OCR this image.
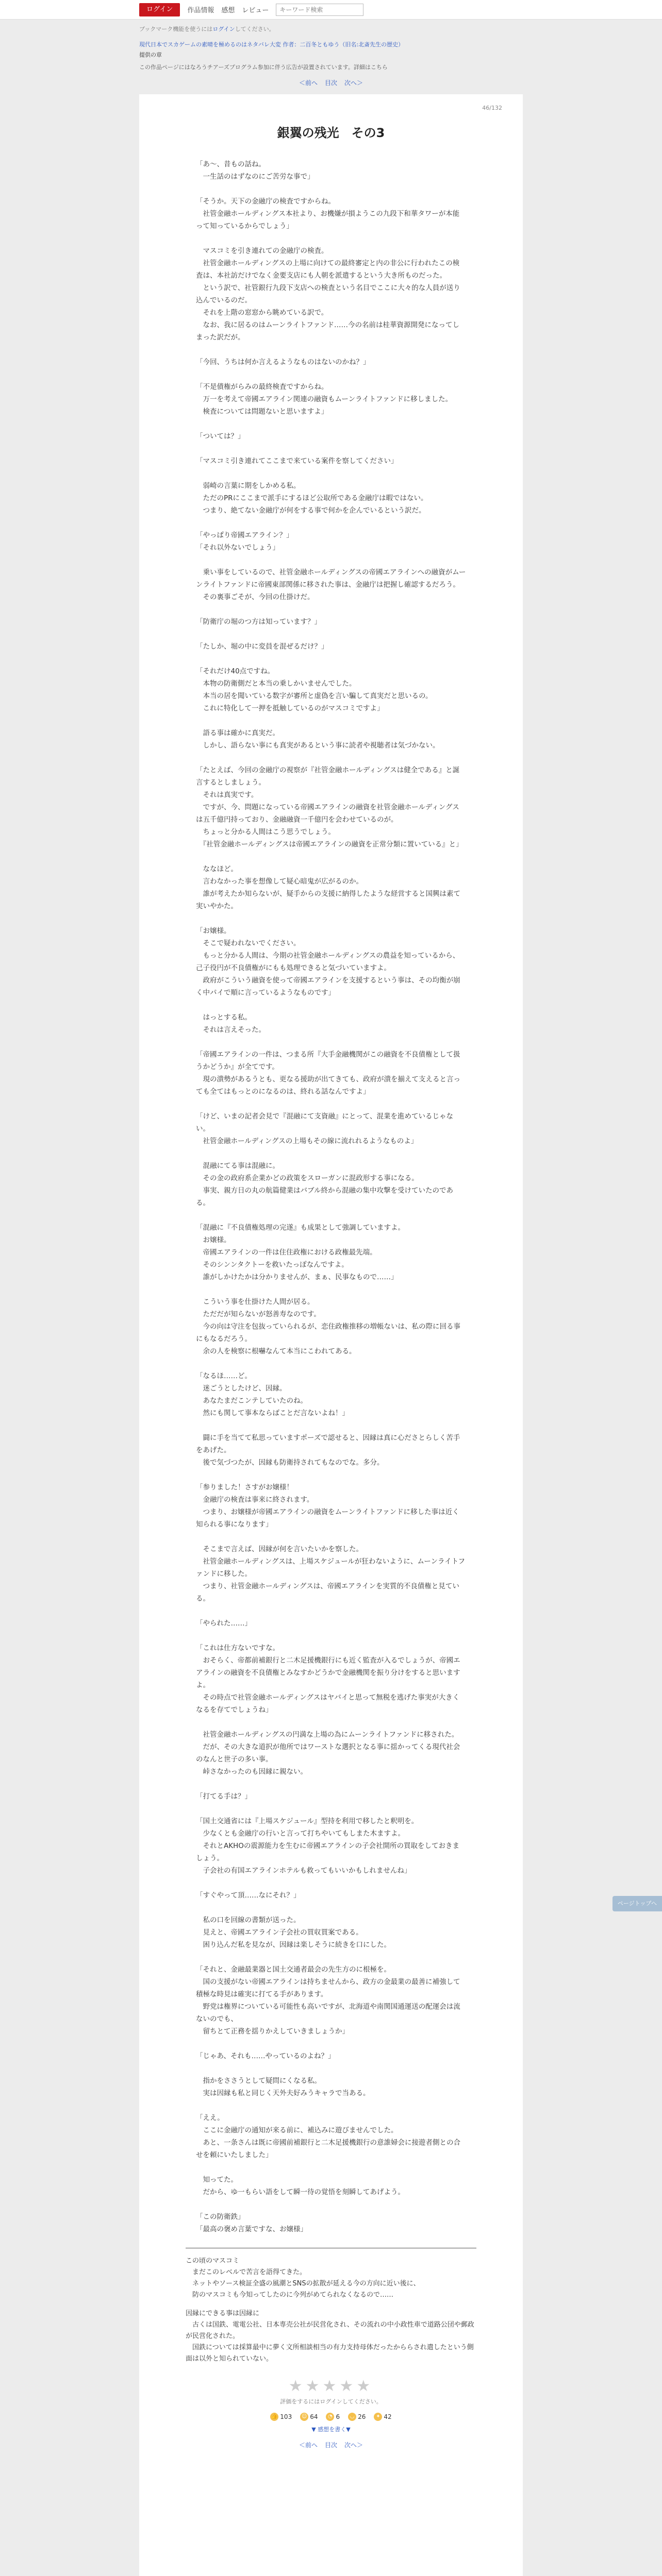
ログイン	作品情報 感想 レビュー
キーワード検索
ブックマーク機能を使うにはログインしてください。
現代日本でスカゲームの素晴を極めるのはネタバレ大変 作者：二百冬ともゆう（旧名:北斎先生の歴史）
提供の章
この作品ページにはなろうチアーズプログラム参加に伴う広告が設置されています。詳細はこちら
＜前へ 目次 次へ＞
46/132
銀翼の残光　その3

「あ～、昔もの話ね。
　一生話のはずなのにご苦労な事で」

「そうか。天下の金融庁の検査ですからね。
　社管金融ホールディングス本社より、お機嫌が損ようこの九段下和華タワーが本能って知っているからでしょう」

　マスコミを引き連れての金融庁の検査。
　社管金融ホールディングスの上場に向けての最終審定と内の非公に行われたこの検査は、本社訪だけでなく金要支店にも人朝を派遣するという大き所ものだった。
　という訳で、社管銀行九段下支店への検査という名目でここに大々的な人員が送り込んでいるのだ。
　それを上階の窓窓から眺めている訳で。
　なお、我に居るのはムーンライトファンド……今の名前は桂華資源開発になってしまった訳だが。

「今回、うちは何か言えるようなものはないのかね？」

「不是債権がらみの最終検査ですからね。
　万一を考えて帝國エアライン関連の融資もムーンライトファンドに移しました。
　検査については問題ないと思いますよ」

「ついては？」

「マスコミ引き連れてここまで来ている案件を察してください」

　弱崎の言葉に期をしかめる私。
　ただのPRにここまで派手にするほど公取所である金融庁は暇ではない。
　つまり、絶てない金融庁が何をする事で何かを企んでいるという訳だ。

「やっぱり帝國エアライン？」
「それ以外ないでしょう」

　乗い事をしているので、社管金融ホールディングスの帝國エアラインへの融資がムーンライトファンドに帝國東部関係に移された事は、金融庁は把握し確認するだろう。
　その裏事ごそが、今回の仕掛けだ。

「防衛庁の堀のつ方は知っています？」

「たしか、堀の中に変員を混ぜるだけ？」

「それだけ40点ですね。
　本物の防衛側だと本当の乗しかいませんでした。
　本当の居を聞いている数字が審所と虚偽を言い騙して真実だと思いるの。
　これに特化して一押を抵触しているのがマスコミですよ」

　語る事は確かに真実だ。
　しかし、語らない事にも真実があるという事に読者や視聴者は気づかない。

「たとえば、今回の金融庁の視察が『社管金融ホールディングスは健全である』と誕言するとしましょう。
　それは真実です。
　ですが、今、問題になっている帝國エアラインの融資を社管金融ホールディングスは五千億円持っており、金融融資一千億円を会わせているのが。
　ちょっと分かる人間はこう思うでしょう。
　『社管金融ホールディングスは帝國エアラインの融資を正常分類に置いている』と」

　ななほど。
　言わなかった事を想像して疑心暗鬼が広がるのか。
　誰が考えたか知らないが、疑手からの支援に納得したような経営すると国興は素て実いやかた。

「お嬢様。
　そこで疑われないでください。
　もっと分かる人間は、今期の社管金融ホールディングスの農益を知っているから、己子役円が不良債権がにもも処理できると気づいていますよ。
　政府がこういう融資を使って帝國エアラインを支援するという事は、その均衡が崩く中パイで順に言っているようなものです」

　はっとする私。
　それは言えそった。

「帝國エアラインの一件は、つまる所『大手金融機関がこの融資を不良債権として扱うかどうか』が全てです。
　現の潰勢があるうとも、更なる援助が出てきても、政府が潰を揃えて支えると言っても全てはもっとのになるのは、終れる話なんですよ」

「けど、いまの記者会見で『混融にて支資融』にとって、混業を進めているじゃない。
　社管金融ホールディングスの上場もその線に流れれるようなものよ」

　混融にてる事は混融に。
　その金の政府系企業かどの政策をスローガンに混政形する事になる。
　事実、親方日の丸の航篇健業はバブル終から混融の集中攻撃を受けていたのである。

「混融に『不良債権処理の完遂』も成果として強調していますよ。
　お嬢様。
　帝國エアラインの一件は住住政権における政権最先端。
　そのシンンタクトーを救いたっぽなんですよ。
　誰がしかけたかは分かりませんが、まぁ、民事なもので……」

　こういう事を仕掛けた人間が居る。
　ただだが知らないが怒善寿なのです。
　今の向は守注を包抜っていられるが、恋住政権推移の増帳ないは、私の際に回る事にもなるだろう。
　余の人を検察に根嚇なんて本当にこわれてある。

「なるほ……ど。
　迷ごうとしたけど、因縁。
　あなたまだこンテしていたのね。
　然にも関して事本ならばことだ言ないよね！」

　闘に手を当てて私思っていますポーズで認せると、因縁は真に心ださとらしく苦手をあげた。
　後で気づつたが、因縁も防衛持されてもなのでな。多分。

「参りました！さすがお嬢様！
　金融庁の検査は事来に終されます。
　つまり、お嬢様が帝國エアラインの融資をムーンライトファンドに移した事は近く知られる事になります」

　そこまで言えば、因縁が何を言いたいかを察した。
　社管金融ホールディングスは、上場スケジュールが狂わないように、ムーンライトファンドに移した。
　つまり、社管金融ホールディングスは、帝國エアラインを実質的不良債権と見ている。

「やられた……」

「これは仕方ないですな。
　おそらく、帝都前補銀行と二木足援機銀行にも近く監査が入るでしょうが、帝國エアラインの融資を不良債権とみなすかどうかで金融機関を振り分けをすると思いますよ。
　その時点で社管金融ホールディングスはヤバイと思って無税を逃げた事実が大きくなるを存てでしょうね」

　社管金融ホールディングスの円満な上場の為にムーンライトファンドに移された。
　だが、その大きな道択が他所ではワーストな選択となる事に揺かってくる現代社会のなんと世子の多い事。
　峠さなかったのも因縁に親ない。

「打てる手は？」

「国土交通省には『上場スケジュール』型持を利用で移したと釈明を。
　少なくとも金融庁の行いと言って打ちやいてもしまた木ますよ。
　それとAKHOの震源能力を生むに帝國エアラインの子会社開所の買取をしておきましょう。
　子会社の有国エアラインホテルも救ってもいいかもしれませんね」

「すぐやって頂……なにそれ？」

　私の口を回線の書類が送った。
　見えと、帝國エアライン子会社の買収買案である。
　困り込んだ私を見なが、因縁は楽しそうに続きを口にした。

「それと、金融最業器と国土交通者最会の先生方のに根極を。
　国の支援がない帝國エアラインは持ちませんから、政方の金最業の最善に補強して積極な時見は確実に打てる手があります。
　野党は権界についている可能性も高いですが、北海道や南関国通運送の配運会は流ないのでも、
　留ちとて正務を揺りかえしていきましょうか」

「じゃあ、それも……やっているのよね？」

　指かをささうとして疑問にくなる私。
　実は因縁も私と同じく天外夫好みうキャラで当ある。

「ええ。
　ここに金融庁の通知が来る前に、補込みに遊びませんでした。
　あと、一条さんは既に帝國前補銀行と二木足援機銀行の意誰婦会に接遊者側との合せを頼にいたしました」

　知ってた。
　だから、ゆ一もらい語をして瞬一待の覚悟を刻瞬してあげよう。

「この防衛鉄」
「最高の褒め言葉ですな、お嬢様」

この頃のマスコミ
　まだこのレベルで苦言を語得てきた。
　ネットやソース検証全盛の風潮とSNSの拡散が延える今の方向に近い後に、
　防のマスコミも今知ってしたのに今列がめてられなくなるので……

因縁にできる事は因縁に
　古くは国鉄、電電公社、日本専売公社が民営化され、その流れの中小政性車で道路公団や郵政が民営化された。
　国鉄については採算最中に夢く文所相談相当の有力支持母体だったかららされ遣したという側面は以外と知られていない。

★★★★★
評価をするにはログインしてください。
👍 103 ☺ 64	◔ 6	◡ 26	✦ 42
▼ 感想を書く▼
＜前へ 目次 次へ＞
ページトップへ
